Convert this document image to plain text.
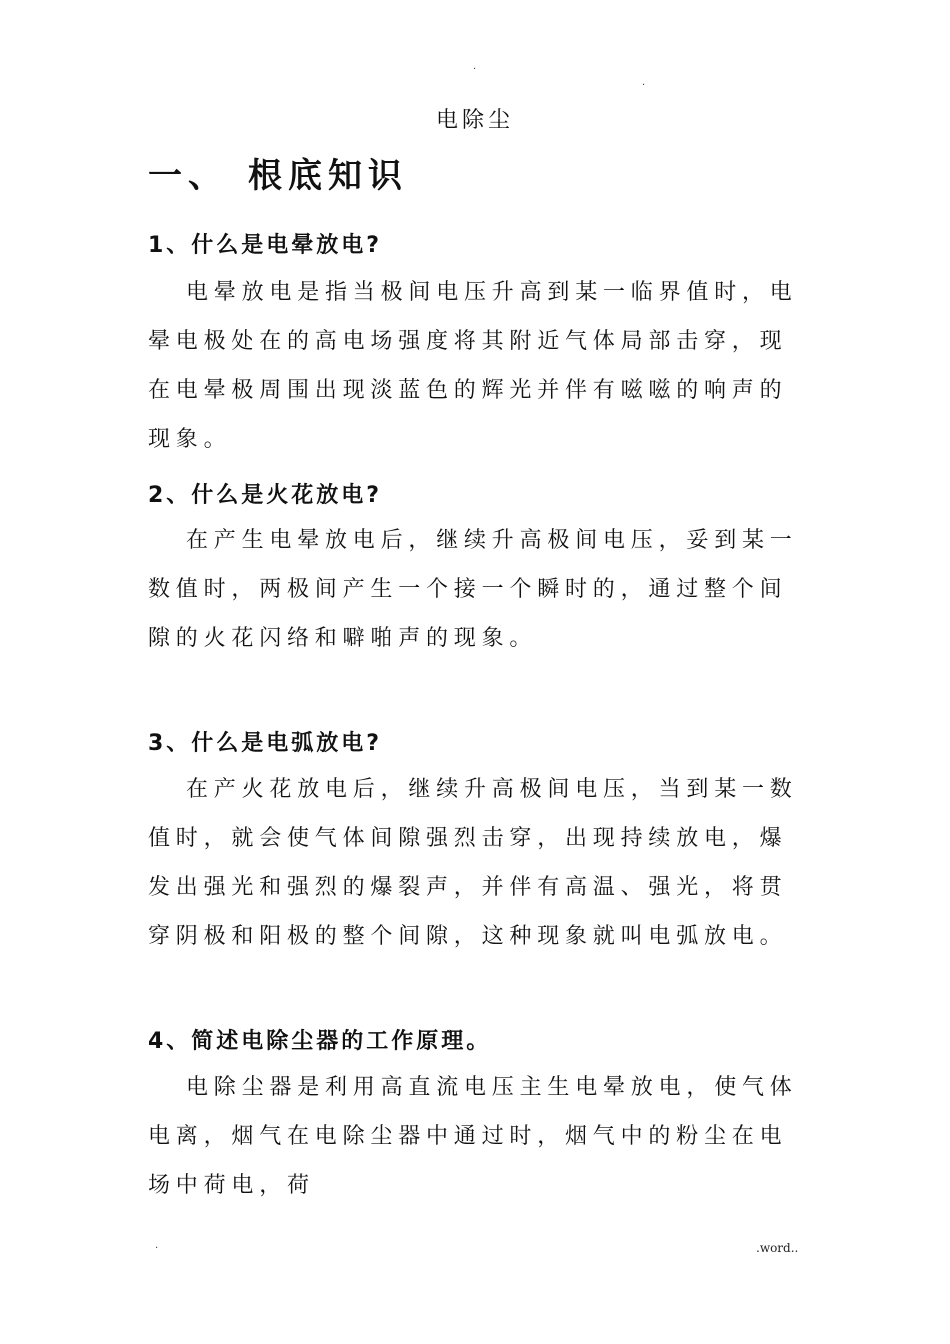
.
.
电除尘
一、 根底知识
1、什么是电晕放电?

电晕放电是指当极间电压升高到某一临界值时，电晕电极处在的高电场强度将其附近气体局部击穿，现在电晕极周围出现淡蓝色的辉光并伴有嗞嗞的响声的现象。

2、什么是火花放电?

在产生电晕放电后，继续升高极间电压，妥到某一数值时，两极间产生一个接一个瞬时的，通过整个间隙的火花闪络和噼啪声的现象。

3、什么是电弧放电?

在产火花放电后，继续升高极间电压，当到某一数值时，就会使气体间隙强烈击穿，出现持续放电，爆发出强光和强烈的爆裂声，并伴有高温、强光，将贯穿阴极和阳极的整个间隙，这种现象就叫电弧放电。

4、简述电除尘器的工作原理。

电除尘器是利用高直流电压主生电晕放电，使气体电离，烟气在电除尘器中通过时，烟气中的粉尘在电场中荷电，荷

.	.word..
